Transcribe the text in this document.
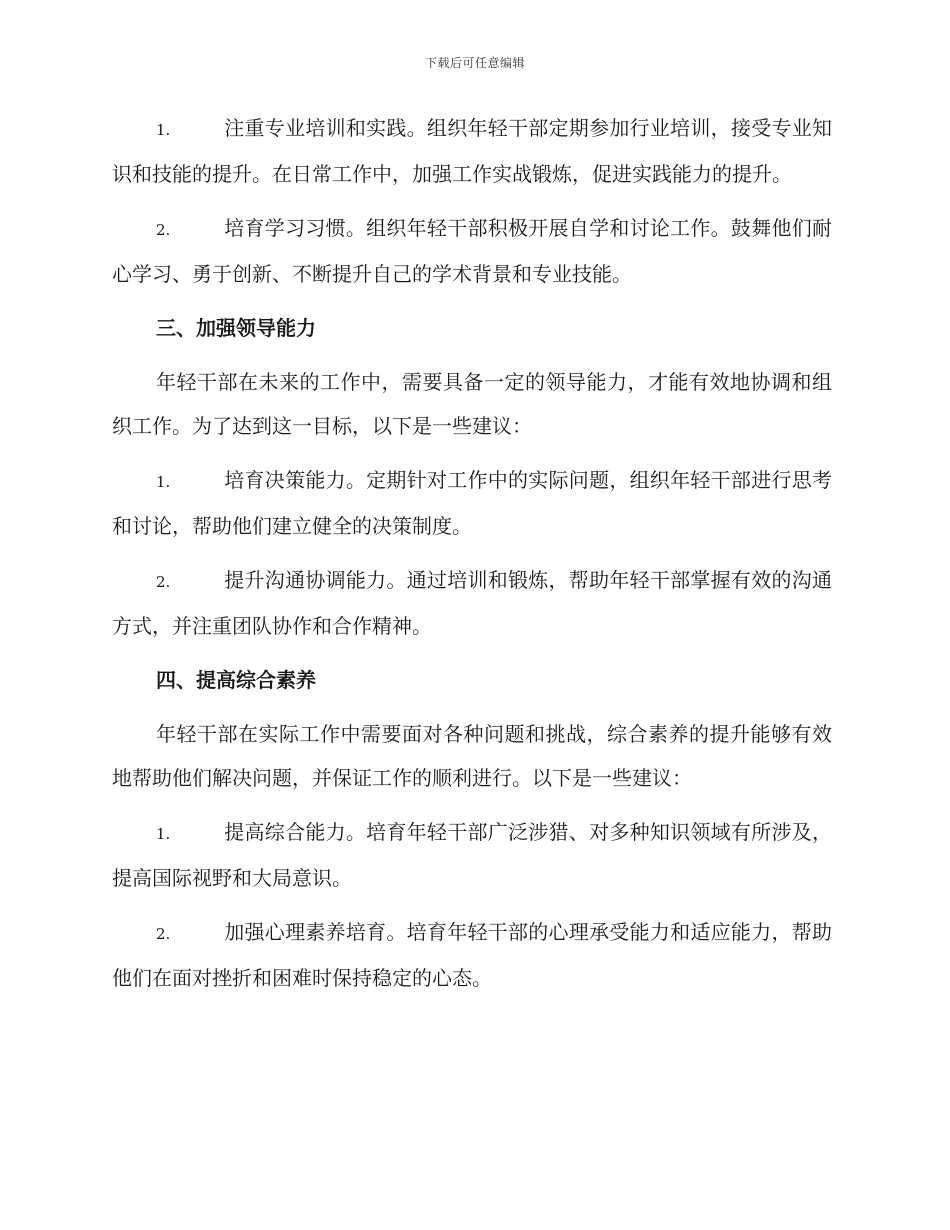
下载后可任意编辑

1.	注重专业培训和实践。组织年轻干部定期参加行业培训，接受专业知识和技能的提升。在日常工作中，加强工作实战锻炼，促进实践能力的提升。

2.	培育学习习惯。组织年轻干部积极开展自学和讨论工作。鼓舞他们耐心学习、勇于创新、不断提升自己的学术背景和专业技能。

三、加强领导能力

年轻干部在未来的工作中，需要具备一定的领导能力，才能有效地协调和组织工作。为了达到这一目标，以下是一些建议：

1.	培育决策能力。定期针对工作中的实际问题，组织年轻干部进行思考和讨论，帮助他们建立健全的决策制度。

2.	提升沟通协调能力。通过培训和锻炼，帮助年轻干部掌握有效的沟通方式，并注重团队协作和合作精神。

四、提高综合素养

年轻干部在实际工作中需要面对各种问题和挑战，综合素养的提升能够有效地帮助他们解决问题，并保证工作的顺利进行。以下是一些建议：

1.	提高综合能力。培育年轻干部广泛涉猎、对多种知识领域有所涉及，提高国际视野和大局意识。

2.	加强心理素养培育。培育年轻干部的心理承受能力和适应能力，帮助他们在面对挫折和困难时保持稳定的心态。
